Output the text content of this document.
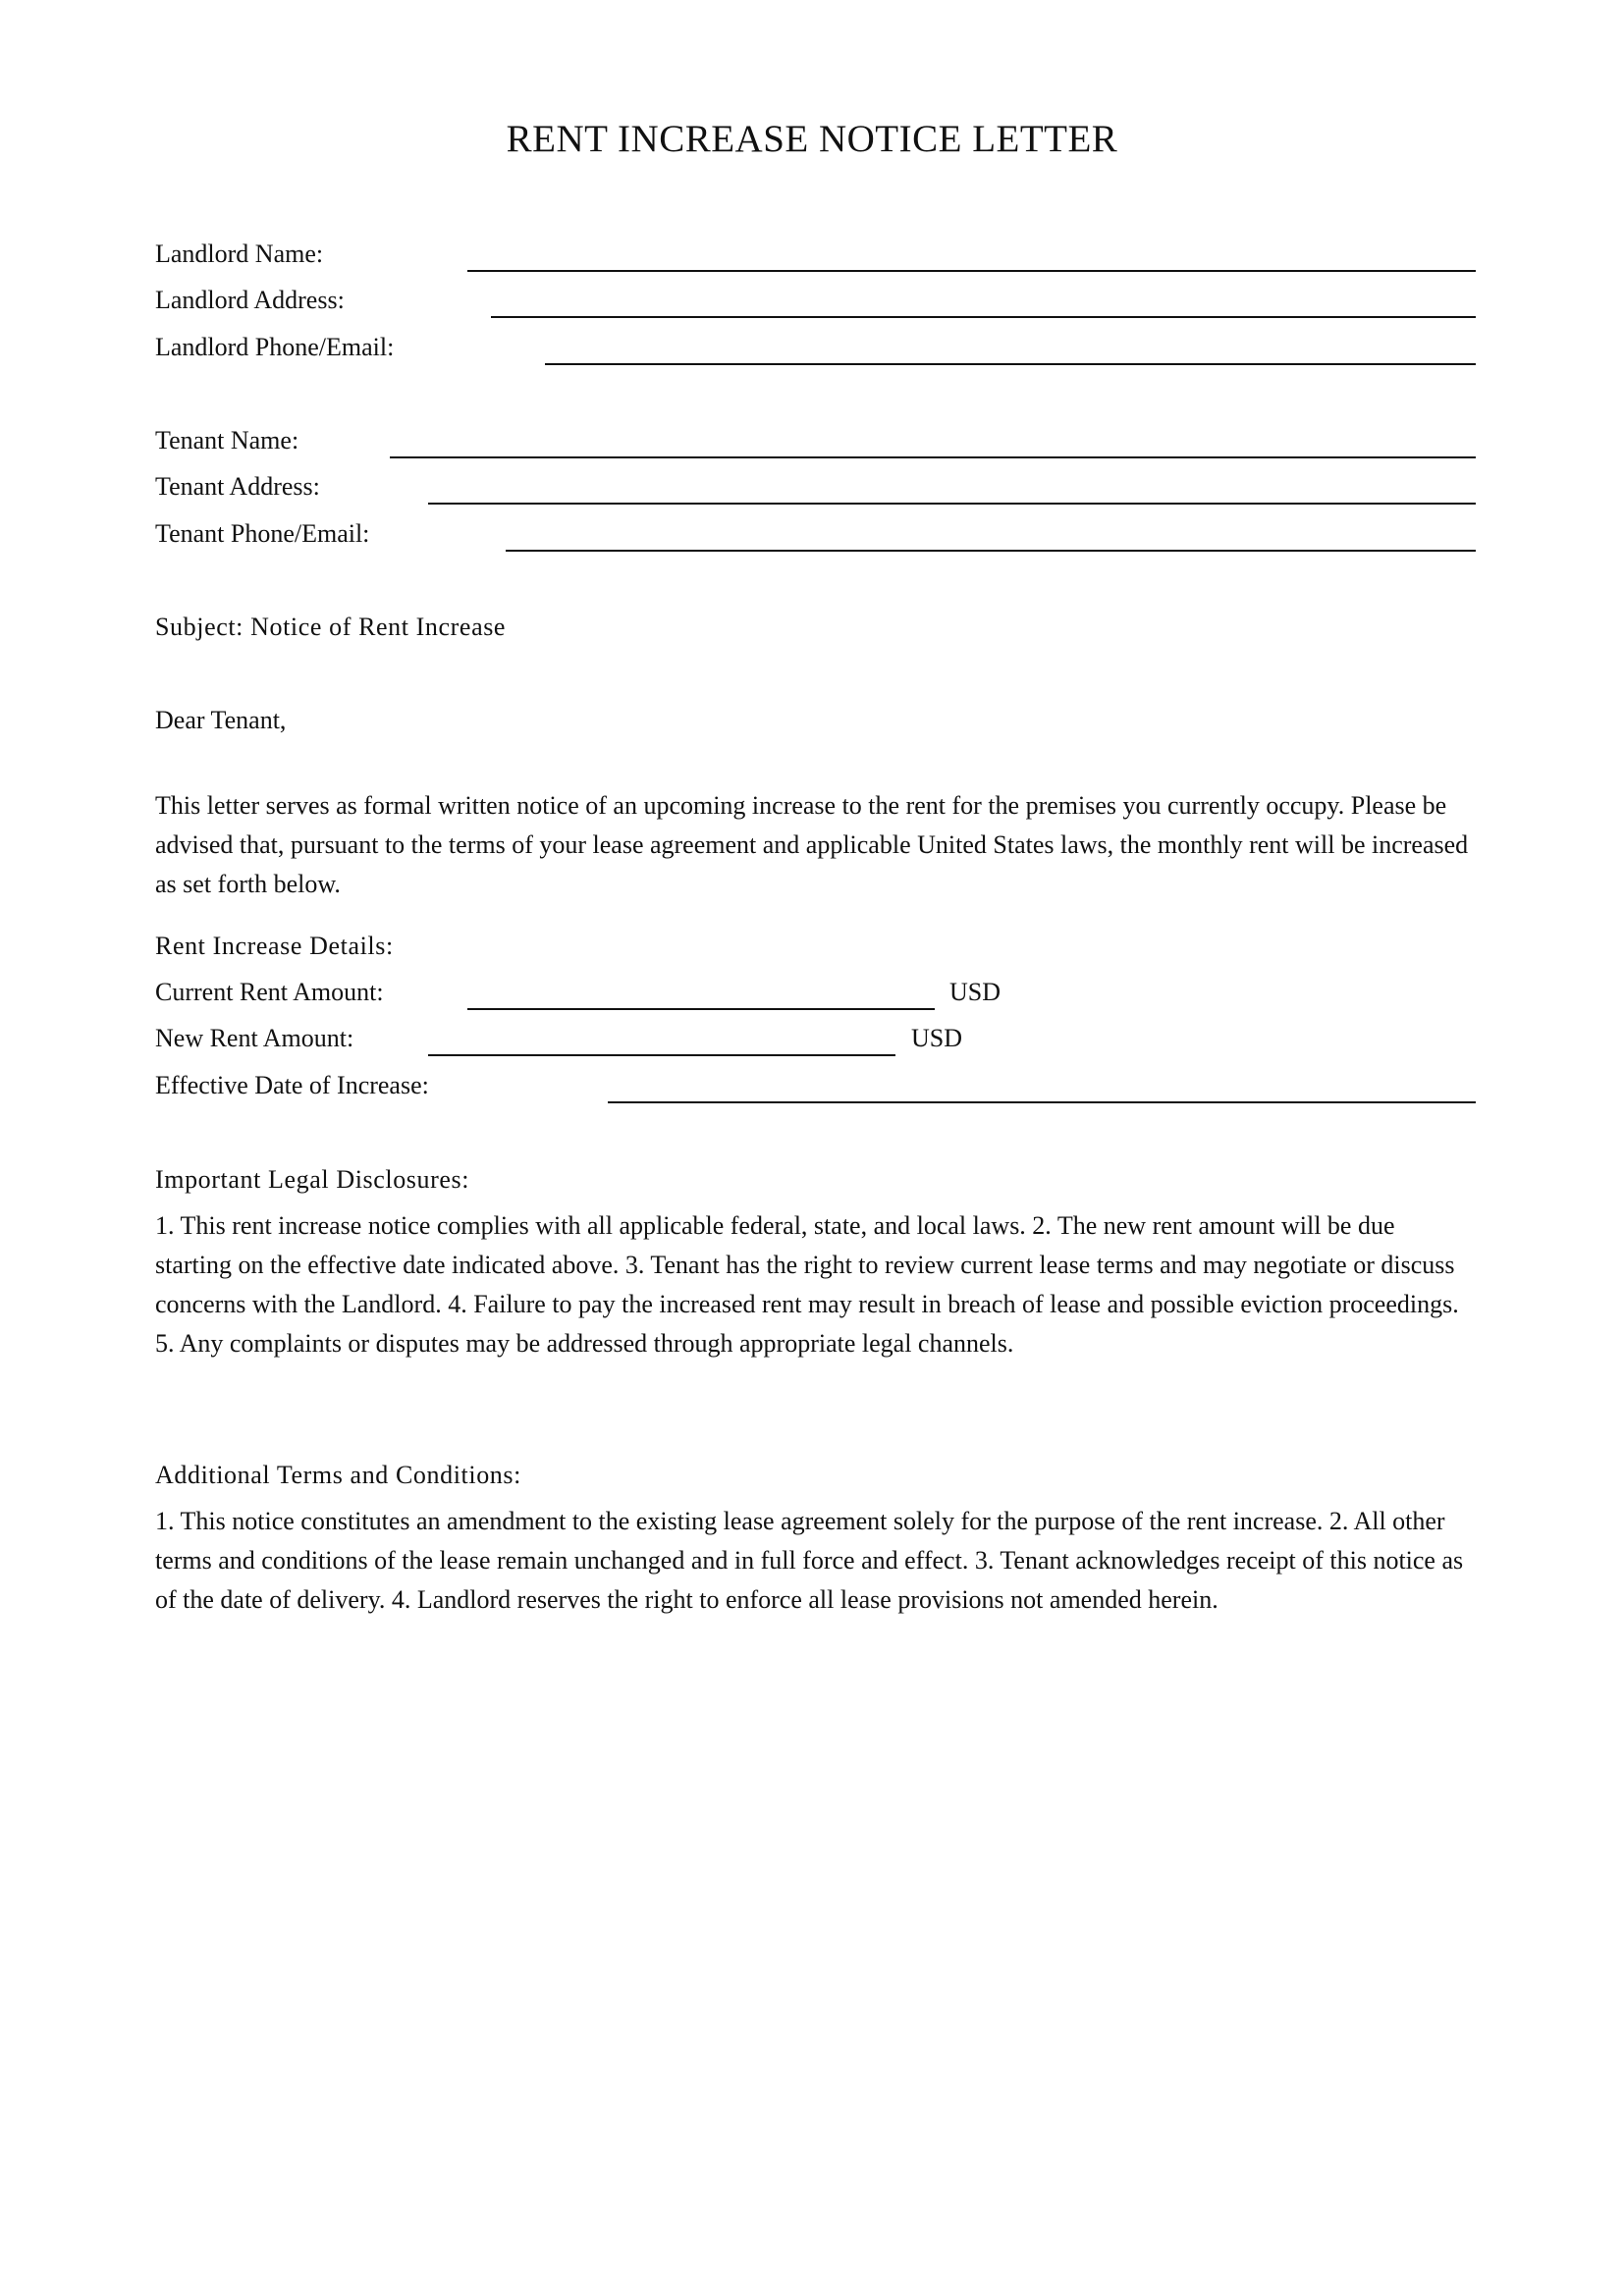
RENT INCREASE NOTICE LETTER
Landlord Name:
Landlord Address:
Landlord Phone/Email:
Tenant Name:
Tenant Address:
Tenant Phone/Email:
Subject: Notice of Rent Increase
Dear Tenant,
This letter serves as formal written notice of an upcoming increase to the rent for the premises you currently occupy. Please be advised that, pursuant to the terms of your lease agreement and applicable United States laws, the monthly rent will be increased as set forth below.
Rent Increase Details:
Current Rent Amount:	USD
New Rent Amount:	USD
Effective Date of Increase:
Important Legal Disclosures:
1. This rent increase notice complies with all applicable federal, state, and local laws. 2. The new rent amount will be due starting on the effective date indicated above. 3. Tenant has the right to review current lease terms and may negotiate or discuss concerns with the Landlord. 4. Failure to pay the increased rent may result in breach of lease and possible eviction proceedings. 5. Any complaints or disputes may be addressed through appropriate legal channels.
Additional Terms and Conditions:
1. This notice constitutes an amendment to the existing lease agreement solely for the purpose of the rent increase. 2. All other terms and conditions of the lease remain unchanged and in full force and effect. 3. Tenant acknowledges receipt of this notice as of the date of delivery. 4. Landlord reserves the right to enforce all lease provisions not amended herein.
